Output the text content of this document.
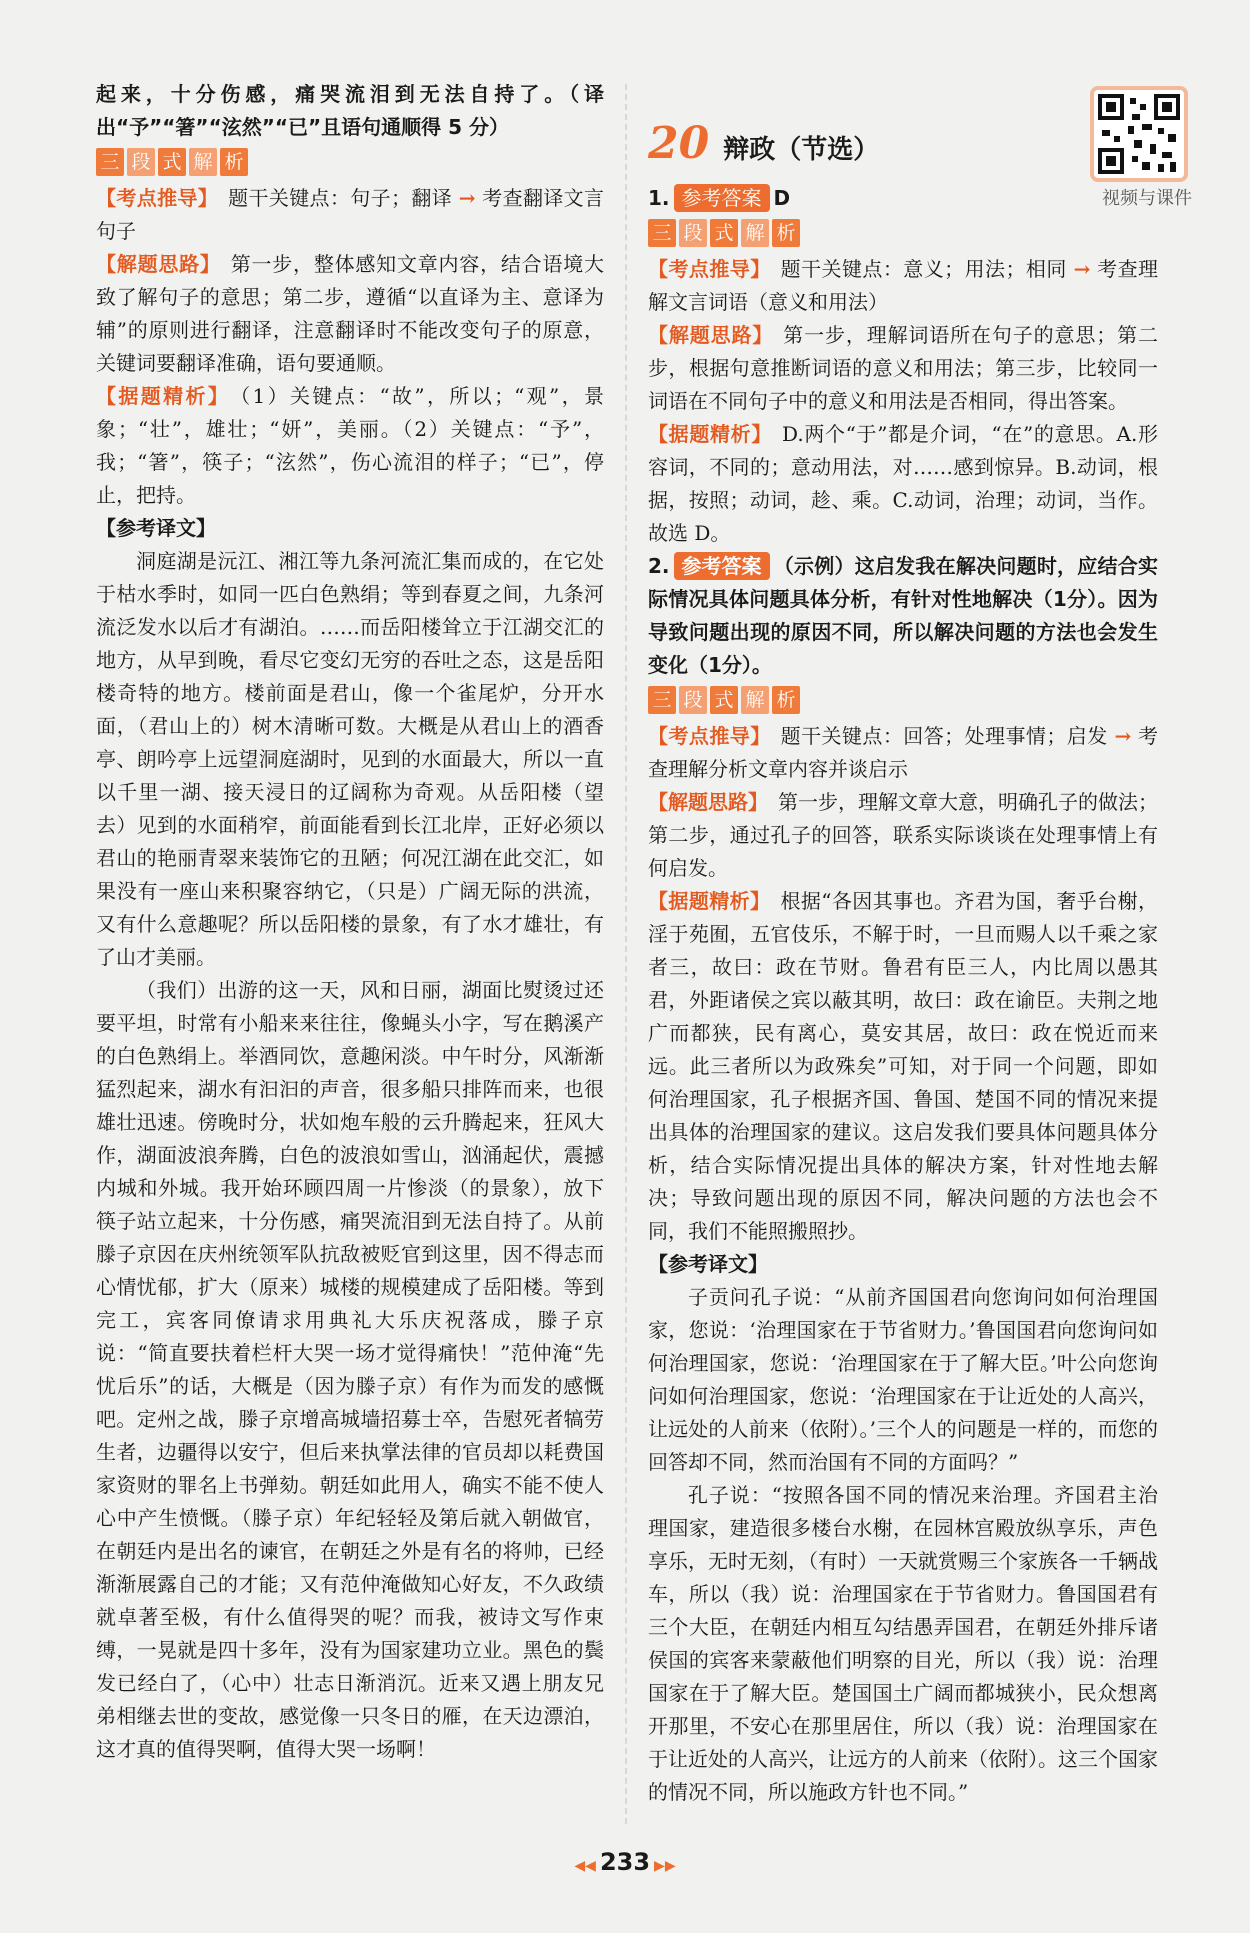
起来，十分伤感，痛哭流泪到无法自持了。（译出“予”“箸”“泫然”“已”且语句通顺得 5 分）

三 段 式 解 析

【考点推导】 题干关键点：句子；翻译 → 考查翻译文言句子

【解题思路】 第一步，整体感知文章内容，结合语境大致了解句子的意思；第二步，遵循“以直译为主、意译为辅”的原则进行翻译，注意翻译时不能改变句子的原意，关键词要翻译准确，语句要通顺。

【据题精析】 （1）关键点：“故”，所以；“观”，景象；“壮”，雄壮；“妍”，美丽。（2）关键点：“予”，我；“箸”，筷子；“泫然”，伤心流泪的样子；“已”，停止，把持。

【参考译文】

洞庭湖是沅江、湘江等九条河流汇集而成的，在它处于枯水季时，如同一匹白色熟绢；等到春夏之间，九条河流泛发水以后才有湖泊。……而岳阳楼耸立于江湖交汇的地方，从早到晚，看尽它变幻无穷的吞吐之态，这是岳阳楼奇特的地方。楼前面是君山，像一个雀尾炉，分开水面，（君山上的）树木清晰可数。大概是从君山上的酒香亭、朗吟亭上远望洞庭湖时，见到的水面最大，所以一直以千里一湖、接天浸日的辽阔称为奇观。从岳阳楼（望去）见到的水面稍窄，前面能看到长江北岸，正好必须以君山的艳丽青翠来装饰它的丑陋；何况江湖在此交汇，如果没有一座山来积聚容纳它，（只是）广阔无际的洪流，又有什么意趣呢？所以岳阳楼的景象，有了水才雄壮，有了山才美丽。

（我们）出游的这一天，风和日丽，湖面比熨烫过还要平坦，时常有小船来来往往，像蝇头小字，写在鹅溪产的白色熟绢上。举酒同饮，意趣闲淡。中午时分，风渐渐猛烈起来，湖水有汩汩的声音，很多船只排阵而来，也很雄壮迅速。傍晚时分，状如炮车般的云升腾起来，狂风大作，湖面波浪奔腾，白色的波浪如雪山，汹涌起伏，震撼内城和外城。我开始环顾四周一片惨淡（的景象），放下筷子站立起来，十分伤感，痛哭流泪到无法自持了。从前滕子京因在庆州统领军队抗敌被贬官到这里，因不得志而心情忧郁，扩大（原来）城楼的规模建成了岳阳楼。等到完工，宾客同僚请求用典礼大乐庆祝落成，滕子京说：“简直要扶着栏杆大哭一场才觉得痛快！”范仲淹“先忧后乐”的话，大概是（因为滕子京）有作为而发的感慨吧。定州之战，滕子京增高城墙招募士卒，告慰死者犒劳生者，边疆得以安宁，但后来执掌法律的官员却以耗费国家资财的罪名上书弹劾。朝廷如此用人，确实不能不使人心中产生愤慨。（滕子京）年纪轻轻及第后就入朝做官，在朝廷内是出名的谏官，在朝廷之外是有名的将帅，已经渐渐展露自己的才能；又有范仲淹做知心好友，不久政绩就卓著至极，有什么值得哭的呢？而我，被诗文写作束缚，一晃就是四十多年，没有为国家建功立业。黑色的鬓发已经白了，（心中）壮志日渐消沉。近来又遇上朋友兄弟相继去世的变故，感觉像一只冬日的雁，在天边漂泊，这才真的值得哭啊，值得大哭一场啊！

20 辩政（节选）

1. 参考答案 D

三 段 式 解 析

【考点推导】 题干关键点：意义；用法；相同 → 考查理解文言词语（意义和用法）

【解题思路】 第一步，理解词语所在句子的意思；第二步，根据句意推断词语的意义和用法；第三步，比较同一词语在不同句子中的意义和用法是否相同，得出答案。

【据题精析】 D.两个“于”都是介词，“在”的意思。A.形容词，不同的；意动用法，对……感到惊异。B.动词，根据，按照；动词，趁、乘。C.动词，治理；动词，当作。故选 D。

2. 参考答案 （示例）这启发我在解决问题时，应结合实际情况具体问题具体分析，有针对性地解决（1分）。因为导致问题出现的原因不同，所以解决问题的方法也会发生变化（1分）。

三 段 式 解 析

【考点推导】 题干关键点：回答；处理事情；启发 → 考查理解分析文章内容并谈启示

【解题思路】 第一步，理解文章大意，明确孔子的做法；第二步，通过孔子的回答，联系实际谈谈在处理事情上有何启发。

【据题精析】 根据“各因其事也。齐君为国，奢乎台榭，淫于苑囿，五官伎乐，不解于时，一旦而赐人以千乘之家者三，故曰：政在节财。鲁君有臣三人，内比周以愚其君，外距诸侯之宾以蔽其明，故曰：政在谕臣。夫荆之地广而都狭，民有离心，莫安其居，故曰：政在悦近而来远。此三者所以为政殊矣”可知，对于同一个问题，即如何治理国家，孔子根据齐国、鲁国、楚国不同的情况来提出具体的治理国家的建议。这启发我们要具体问题具体分析，结合实际情况提出具体的解决方案，针对性地去解决；导致问题出现的原因不同，解决问题的方法也会不同，我们不能照搬照抄。

【参考译文】

子贡问孔子说：“从前齐国国君向您询问如何治理国家，您说：‘治理国家在于节省财力。’鲁国国君向您询问如何治理国家，您说：‘治理国家在于了解大臣。’叶公向您询问如何治理国家，您说：‘治理国家在于让近处的人高兴，让远处的人前来（依附）。’三个人的问题是一样的，而您的回答却不同，然而治国有不同的方面吗？”

孔子说：“按照各国不同的情况来治理。齐国君主治理国家，建造很多楼台水榭，在园林宫殿放纵享乐，声色享乐，无时无刻，（有时）一天就赏赐三个家族各一千辆战车，所以（我）说：治理国家在于节省财力。鲁国国君有三个大臣，在朝廷内相互勾结愚弄国君，在朝廷外排斥诸侯国的宾客来蒙蔽他们明察的目光，所以（我）说：治理国家在于了解大臣。楚国国土广阔而都城狭小，民众想离开那里，不安心在那里居住，所以（我）说：治理国家在于让近处的人高兴，让远方的人前来（依附）。这三个国家的情况不同，所以施政方针也不同。”

视频与课件
◀◀ 233 ▶▶
